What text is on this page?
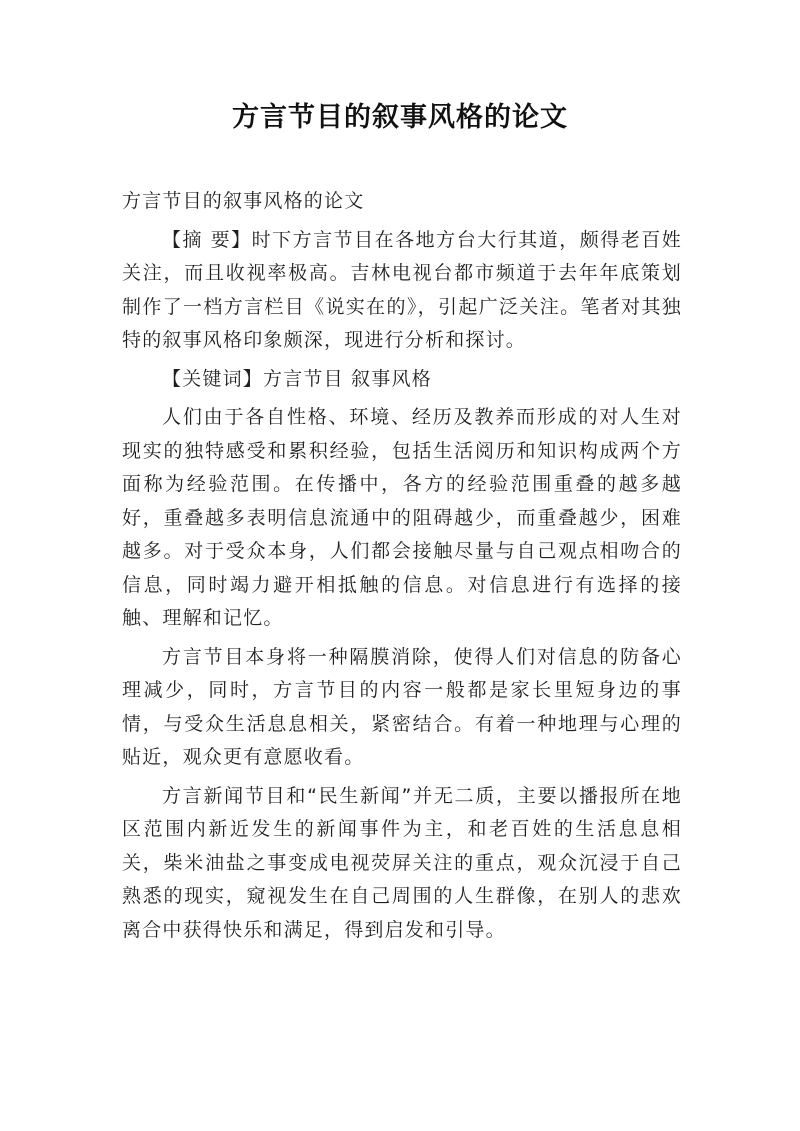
方言节目的叙事风格的论文

方言节目的叙事风格的论文

【摘 要】时下方言节目在各地方台大行其道，颇得老百姓关注，而且收视率极高。吉林电视台都市频道于去年年底策划制作了一档方言栏目《说实在的》，引起广泛关注。笔者对其独特的叙事风格印象颇深，现进行分析和探讨。

【关键词】方言节目 叙事风格

人们由于各自性格、环境、经历及教养而形成的对人生对现实的独特感受和累积经验，包括生活阅历和知识构成两个方面称为经验范围。在传播中，各方的经验范围重叠的越多越好，重叠越多表明信息流通中的阻碍越少，而重叠越少，困难越多。对于受众本身，人们都会接触尽量与自己观点相吻合的信息，同时竭力避开相抵触的信息。对信息进行有选择的接触、理解和记忆。

方言节目本身将一种隔膜消除，使得人们对信息的防备心理减少，同时，方言节目的内容一般都是家长里短身边的事情，与受众生活息息相关，紧密结合。有着一种地理与心理的贴近，观众更有意愿收看。

方言新闻节目和“民生新闻”并无二质，主要以播报所在地区范围内新近发生的新闻事件为主，和老百姓的生活息息相关，柴米油盐之事变成电视荧屏关注的重点，观众沉浸于自己熟悉的现实，窥视发生在自己周围的人生群像，在别人的悲欢离合中获得快乐和满足，得到启发和引导。
